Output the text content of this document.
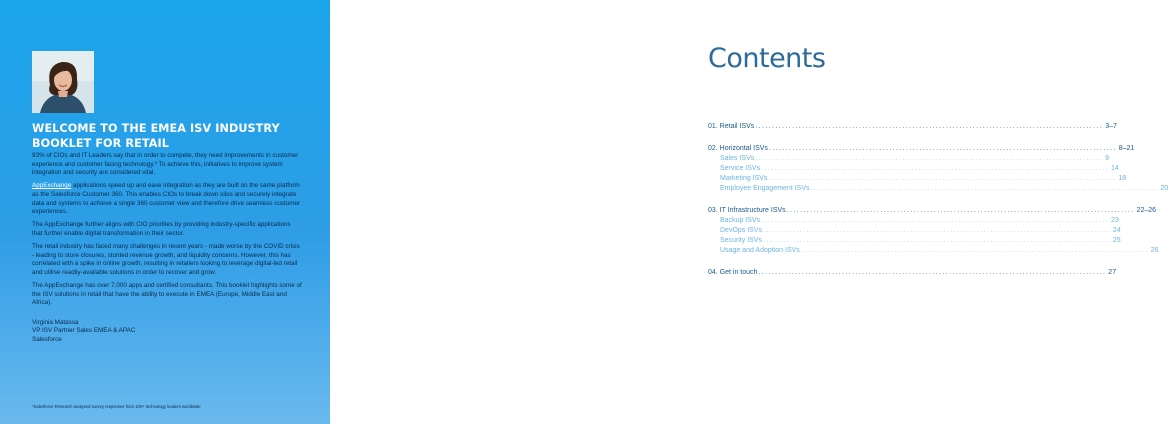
WELCOME TO THE EMEA ISV INDUSTRY BOOKLET FOR RETAIL

93% of CIOs and IT Leaders say that in order to compete, they need improvements in customer experience and customer facing technology.* To achieve this, initiatives to improve system integration and security are considered vital.

AppExchange applications speed up and ease integration as they are built on the same platform as the Salesforce Customer 360. This enables CIOs to break down silos and securely integrate data and systems to achieve a single 360 customer view and therefore drive seamless customer experiences.

The AppExchange further aligns with CIO priorities by providing industry-specific applications that further enable digital transformation in their sector.

The retail industry has faced many challenges in recent years - made worse by the COVID crisis - leading to store closures, stunted revenue growth, and liquidity concerns. However, this has correlated with a spike in online growth, resulting in retailers looking to leverage digital-led retail and utilise readily-available solutions in order to recover and grow.

The AppExchange has over 7,000 apps and certified consultants. This booklet highlights some of the ISV solutions in retail that have the ability to execute in EMEA (Europe, Middle East and Africa).

Virginia Matassa

VP ISV Partner Sales EMEA & APAC

Salesforce

*Salesforce Research analysed survey responses from 100+ technology leaders worldwide
Contents
01. Retail ISVs .....	3–7
02. Horizontal ISVs .....	8–21
Sales ISVs .....	9
Service ISVs .....	14
Marketing ISVs .....	18
Employee Engagement ISVs .....	20
03. IT Infrastructure ISVs .....	22–26
Backup ISVs .....	23
DevOps ISVs .....	24
Security ISVs .....	25
Usage and Adoption ISVs .....	26
04. Get in touch .....	27
